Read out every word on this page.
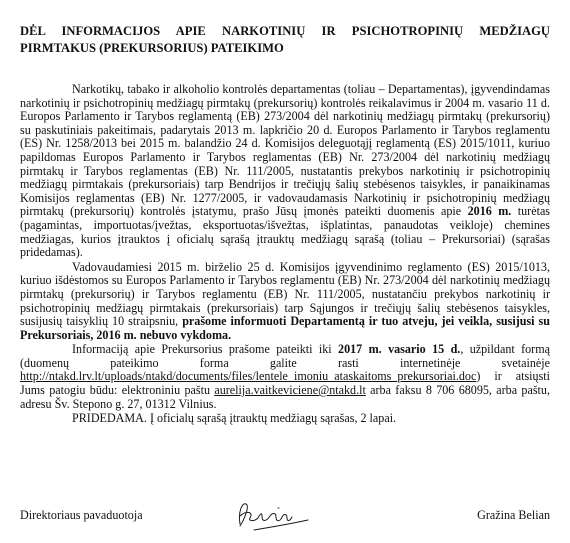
DĖL INFORMACIJOS APIE NARKOTINIŲ IR PSICHOTROPINIŲ MEDŽIAGŲ PIRMTAKUS (PREKURSORIUS) PATEIKIMO

Narkotikų, tabako ir alkoholio kontrolės departamentas (toliau – Departamentas), įgyvendindamas narkotinių ir psichotropinių medžiagų pirmtakų (prekursorių) kontrolės reikalavimus ir 2004 m. vasario 11 d. Europos Parlamento ir Tarybos reglamentą (EB) 273/2004 dėl narkotinių medžiagų pirmtakų (prekursorių) su paskutiniais pakeitimais, padarytais 2013 m. lapkričio 20 d. Europos Parlamento ir Tarybos reglamentu (ES) Nr. 1258/2013 bei 2015 m. balandžio 24 d. Komisijos deleguotąjį reglamentą (ES) 2015/1011, kuriuo papildomas Europos Parlamento ir Tarybos reglamentas (EB) Nr. 273/2004 dėl narkotinių medžiagų pirmtakų ir Tarybos reglamentas (EB) Nr. 111/2005, nustatantis prekybos narkotinių ir psichotropinių medžiagų pirmtakais (prekursoriais) tarp Bendrijos ir trečiųjų šalių stebėsenos taisykles, ir panaikinamas Komisijos reglamentas (EB) Nr. 1277/2005, ir vadovaudamasis Narkotinių ir psichotropinių medžiagų pirmtakų (prekursorių) kontrolės įstatymu, prašo Jūsų įmonės pateikti duomenis apie 2016 m. turėtas (pagamintas, importuotas/įvežtas, eksportuotas/išvežtas, išplatintas, panaudotas veikloje) chemines medžiagas, kurios įtrauktos į oficialų sąrašą įtrauktų medžiagų sąrašą (toliau – Prekursoriai) (sąrašas pridedamas).

Vadovaudamiesi 2015 m. birželio 25 d. Komisijos įgyvendinimo reglamento (ES) 2015/1013, kuriuo išdėstomos su Europos Parlamento ir Tarybos reglamentu (EB) Nr. 273/2004 dėl narkotinių medžiagų pirmtakų (prekursorių) ir Tarybos reglamentu (EB) Nr. 111/2005, nustatančiu prekybos narkotinių ir psichotropinių medžiagų pirmtakais (prekursoriais) tarp Sąjungos ir trečiųjų šalių stebėsenos taisykles, susijusių taisyklių 10 straipsniu, prašome informuoti Departamentą ir tuo atveju, jei veikla, susijusi su Prekursoriais, 2016 m. nebuvo vykdoma.

Informaciją apie Prekursorius prašome pateikti iki 2017 m. vasario 15 d., užpildant formą (duomenų pateikimo forma galite rasti internetinėje svetainėje http://ntakd.lrv.lt/uploads/ntakd/documents/files/lentele_imoniu_ataskaitoms_prekursoriai.doc) ir atsiųsti Jums patogiu būdu: elektroniniu paštu aurelija.vaitkeviciene@ntakd.lt arba faksu 8 706 68095, arba paštu, adresu Šv. Stepono g. 27, 01312 Vilnius.

PRIDEDAMA. Į oficialų sąrašą įtrauktų medžiagų sąrašas, 2 lapai.

Direktoriaus pavaduotoja	Gražina Belian
